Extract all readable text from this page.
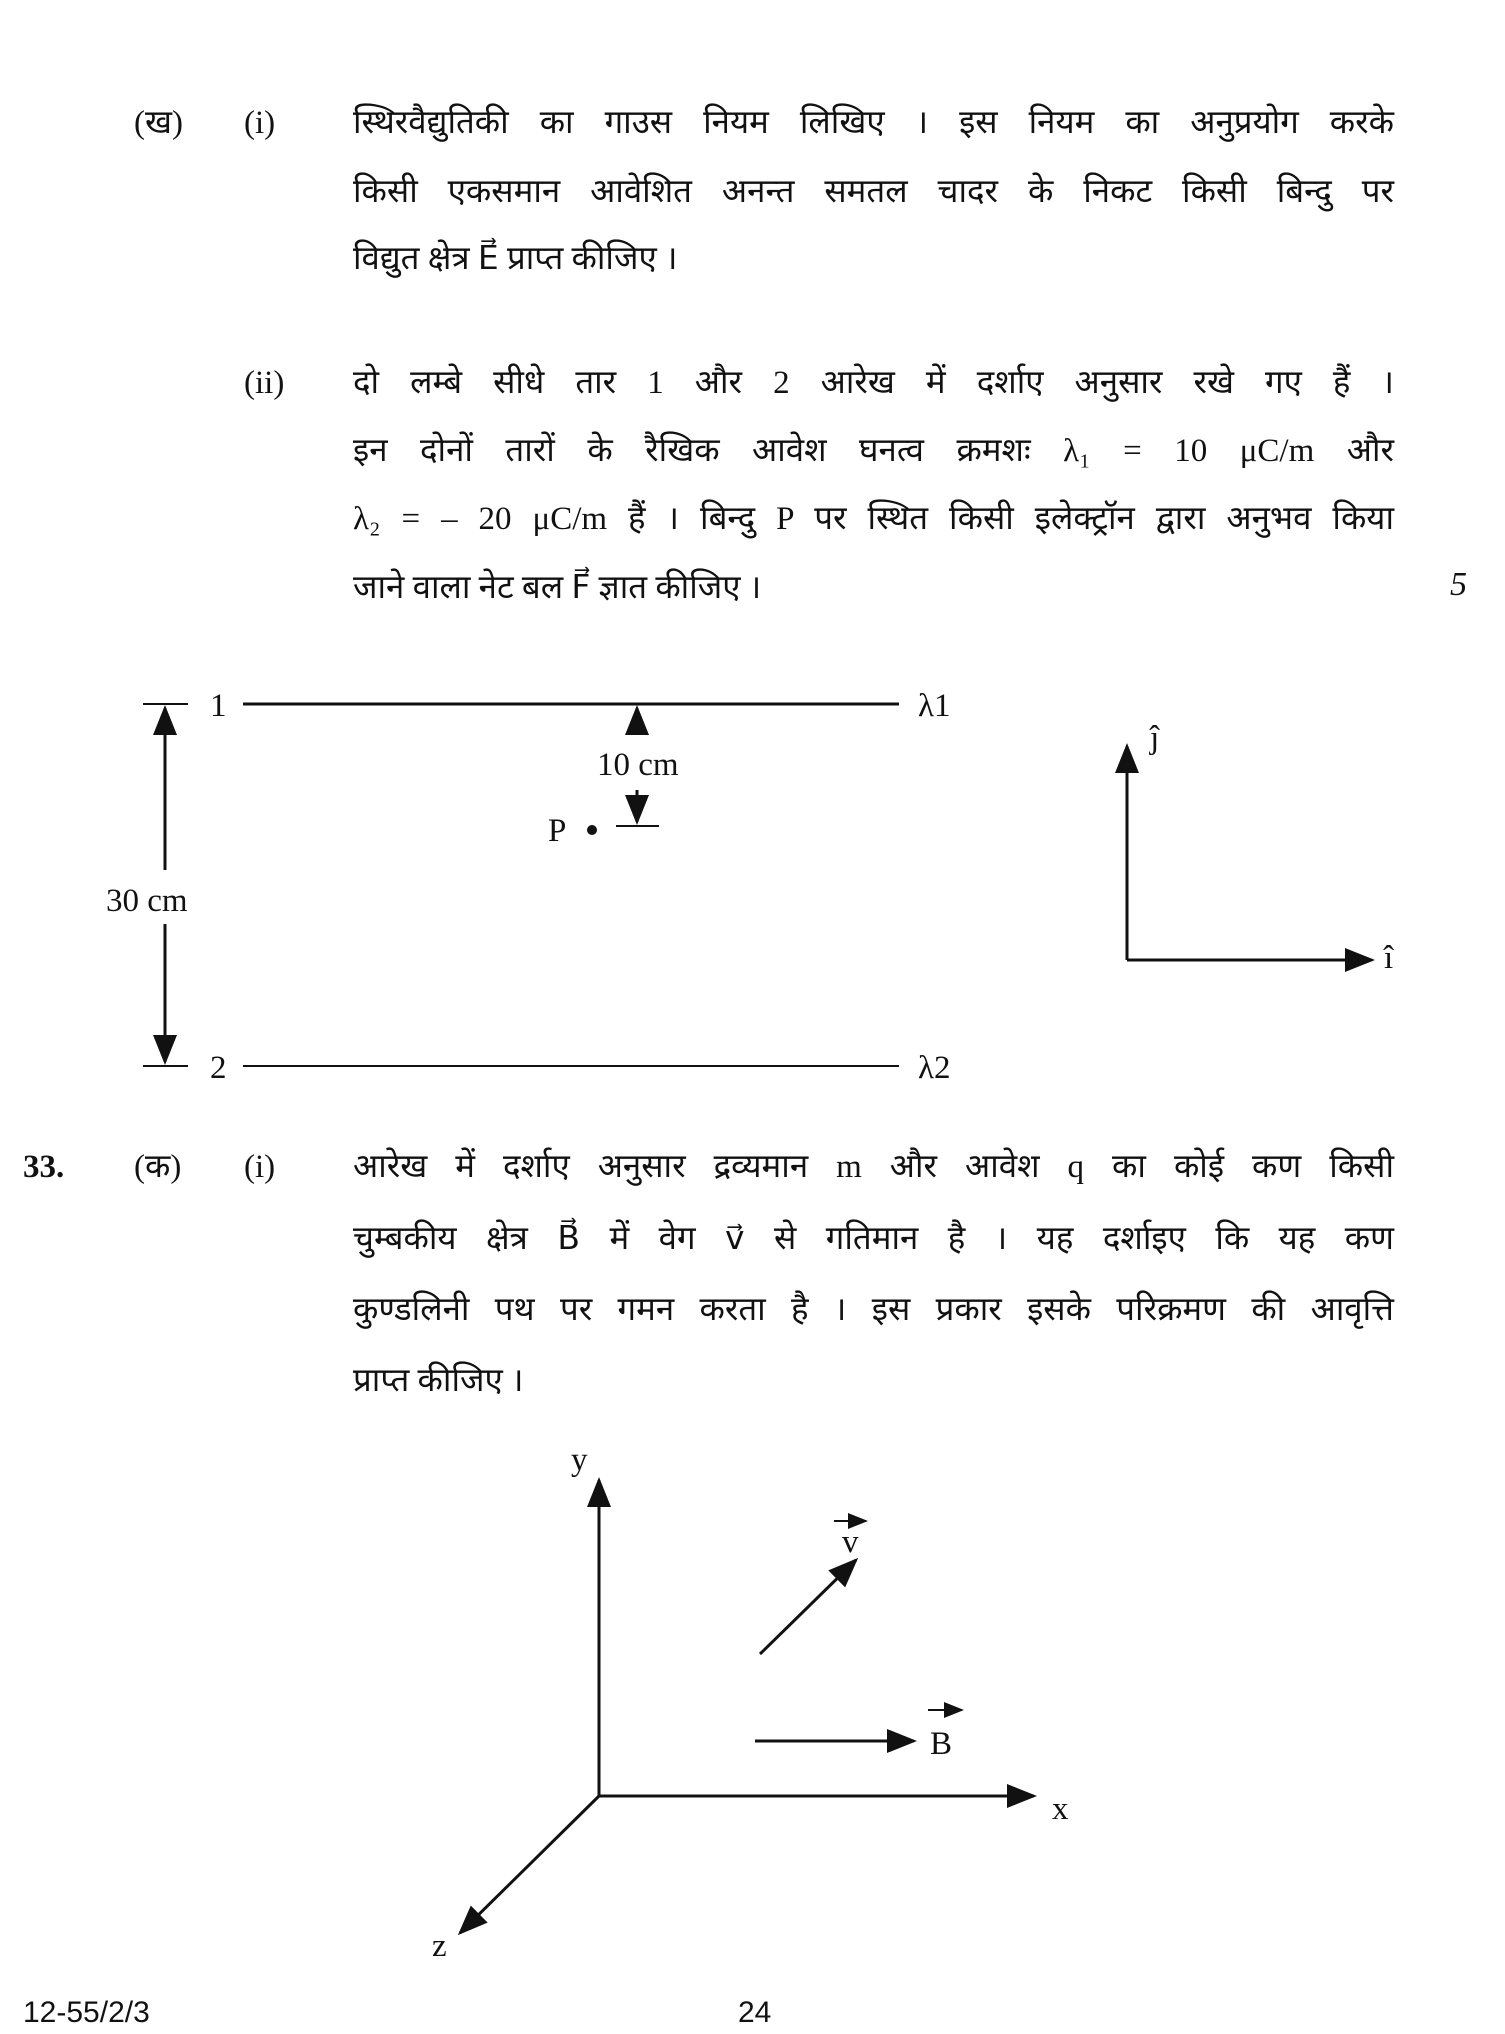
(ख) (i) स्थिरवैद्युतिकी का गाउस नियम लिखिए । इस नियम का अनुप्रयोग करके
किसी एकसमान आवेशित अनन्त समतल चादर के निकट किसी बिन्दु पर
विद्युत क्षेत्र E⃗ प्राप्त कीजिए ।
(ii) दो लम्बे सीधे तार 1 और 2 आरेख में दर्शाए अनुसार रखे गए हैं ।
इन दोनों तारों के रैखिक आवेश घनत्व क्रमशः λ₁ = 10 μC/m और
λ₂ = – 20 μC/m हैं । बिन्दु P पर स्थित किसी इलेक्ट्रॉन द्वारा अनुभव किया
जाने वाला नेट बल F⃗ ज्ञात कीजिए ।	5
1
2
λ1
λ2
30 cm
10 cm
P
ĵ
î
33. (क) (i) आरेख में दर्शाए अनुसार द्रव्यमान m और आवेश q का कोई कण किसी
चुम्बकीय क्षेत्र B⃗ में वेग v⃗ से गतिमान है । यह दर्शाइए कि यह कण
कुण्डलिनी पथ पर गमन करता है । इस प्रकार इसके परिक्रमण की आवृत्ति
प्राप्त कीजिए ।
y
x
z
v
B
12-55/2/3	24
